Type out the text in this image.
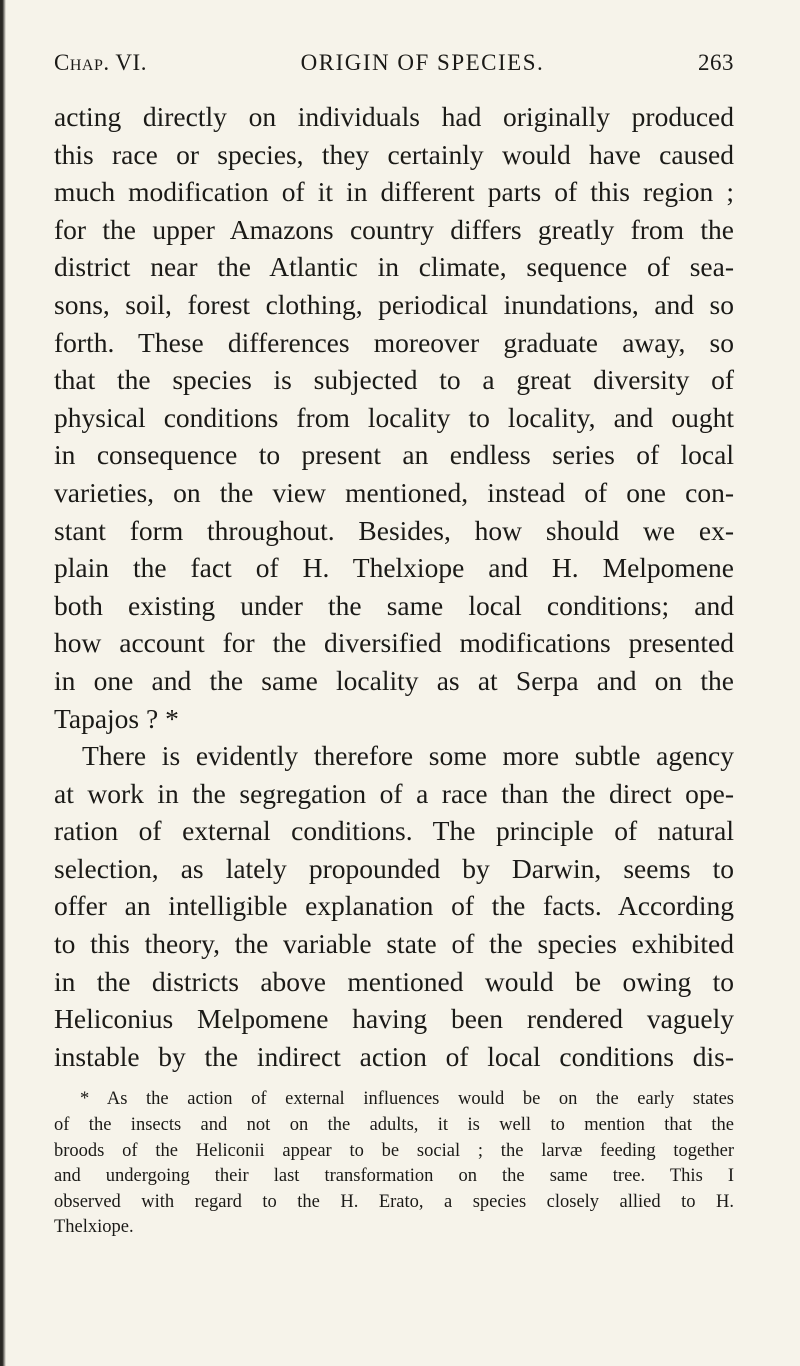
Chap. VI.	ORIGIN OF SPECIES.	263
acting directly on individuals had originally produced
this race or species, they certainly would have caused
much modification of it in different parts of this region ;
for the upper Amazons country differs greatly from the
district near the Atlantic in climate, sequence of sea-
sons, soil, forest clothing, periodical inundations, and so
forth. These differences moreover graduate away, so
that the species is subjected to a great diversity of
physical conditions from locality to locality, and ought
in consequence to present an endless series of local
varieties, on the view mentioned, instead of one con-
stant form throughout. Besides, how should we ex-
plain the fact of H. Thelxiope and H. Melpomene
both existing under the same local conditions; and
how account for the diversified modifications presented
in one and the same locality as at Serpa and on the
Tapajos ? *
There is evidently therefore some more subtle agency
at work in the segregation of a race than the direct ope-
ration of external conditions. The principle of natural
selection, as lately propounded by Darwin, seems to
offer an intelligible explanation of the facts. According
to this theory, the variable state of the species exhibited
in the districts above mentioned would be owing to
Heliconius Melpomene having been rendered vaguely
instable by the indirect action of local conditions dis-
* As the action of external influences would be on the early states
of the insects and not on the adults, it is well to mention that the
broods of the Heliconii appear to be social ; the larvæ feeding together
and undergoing their last transformation on the same tree. This I
observed with regard to the H. Erato, a species closely allied to H.
Thelxiope.
